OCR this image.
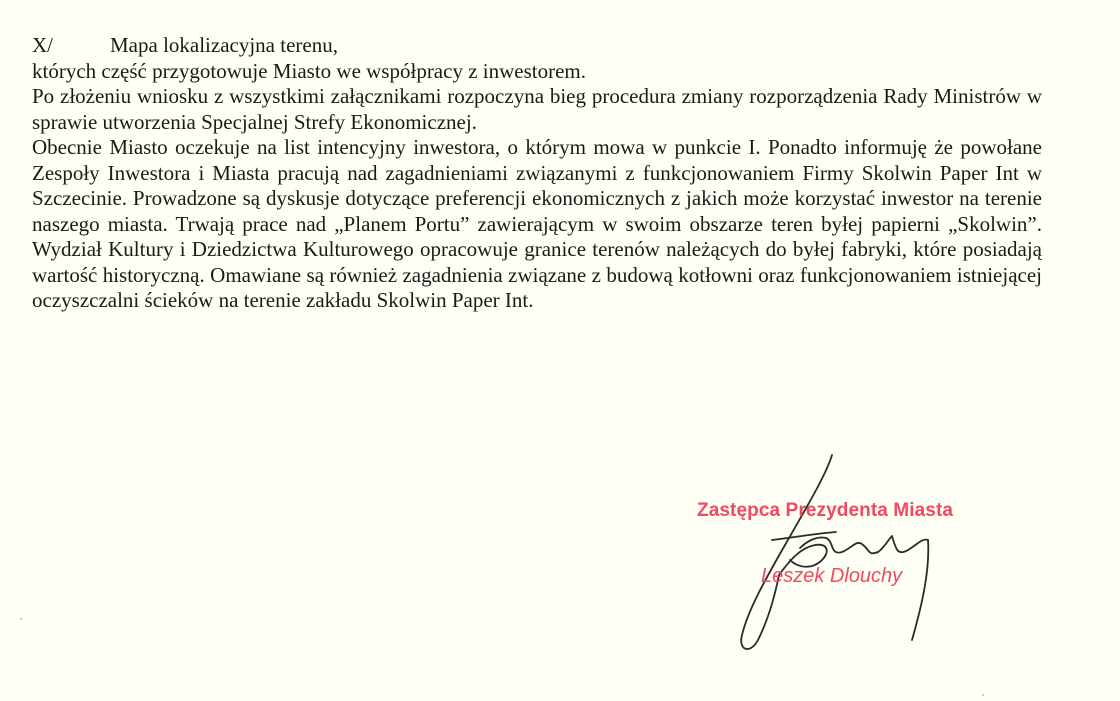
X/	Mapa lokalizacyjna terenu,

których część przygotowuje Miasto we współpracy z inwestorem.

Po złożeniu wniosku z wszystkimi załącznikami rozpoczyna bieg procedura zmiany rozporządzenia Rady Ministrów w sprawie utworzenia Specjalnej Strefy Ekonomicznej.

Obecnie Miasto oczekuje na list intencyjny inwestora, o którym mowa w punkcie I. Ponadto informuję że powołane Zespoły Inwestora i Miasta pracują nad zagadnieniami związanymi z funkcjonowaniem Firmy Skolwin Paper Int w Szczecinie. Prowadzone są dyskusje dotyczące preferencji ekonomicznych z jakich może korzystać inwestor na terenie naszego miasta. Trwają prace nad „Planem Portu” zawierającym w swoim obszarze teren byłej papierni „Skolwin”. Wydział Kultury i Dziedzictwa Kulturowego opracowuje granice terenów należących do byłej fabryki, które posiadają wartość historyczną. Omawiane są również zagadnienia związane z budową kotłowni oraz funkcjonowaniem istniejącej oczyszczalni ścieków na terenie zakładu Skolwin Paper Int.

Zastępca Prezydenta Miasta
Leszek Dlouchy
